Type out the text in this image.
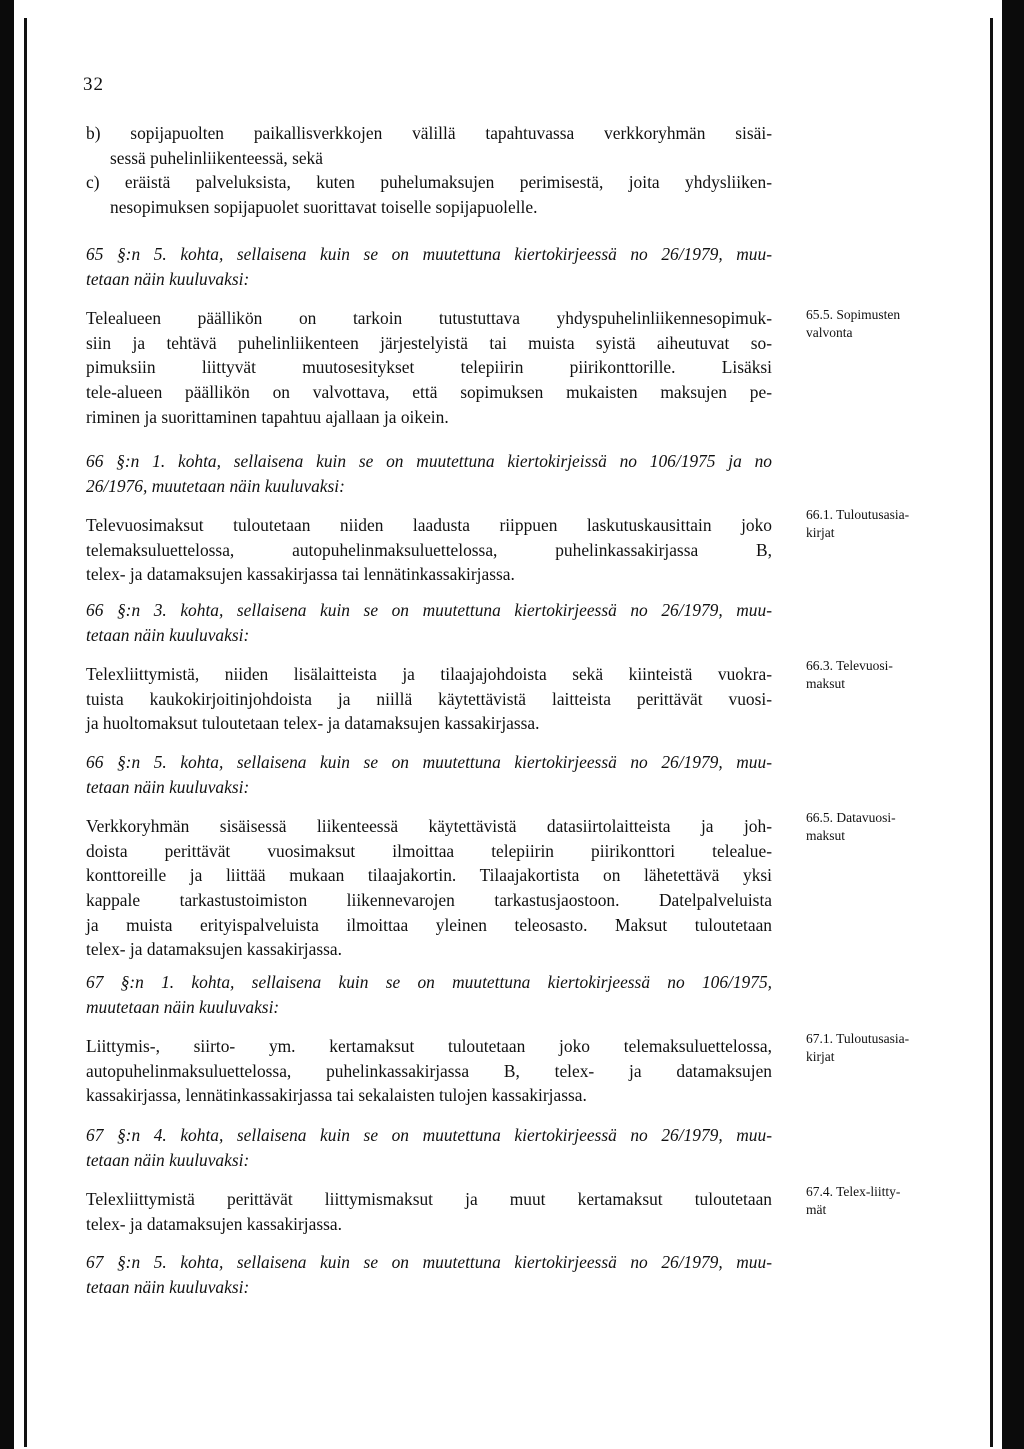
32

b) sopijapuolten paikallisverkkojen välillä tapahtuvassa verkkoryhmän sisäi-
sessä puhelinliikenteessä, sekä

c) eräistä palveluksista, kuten puhelumaksujen perimisestä, joita yhdysliiken-
nesopimuksen sopijapuolet suorittavat toiselle sopijapuolelle.

65 §:n 5. kohta, sellaisena kuin se on muutettuna kiertokirjeessä no 26/1979, muu-
tetaan näin kuuluvaksi:

Telealueen päällikön on tarkoin tutustuttava yhdyspuhelinliikennesopimuk-
siin ja tehtävä puhelinliikenteen järjestelyistä tai muista syistä aiheutuvat so-
pimuksiin liittyvät muutosesitykset telepiirin piirikonttorille. Lisäksi
tele-alueen päällikön on valvottava, että sopimuksen mukaisten maksujen pe-
riminen ja suorittaminen tapahtuu ajallaan ja oikein.

65.5. Sopimusten
valvonta

66 §:n 1. kohta, sellaisena kuin se on muutettuna kiertokirjeissä no 106/1975 ja no
26/1976, muutetaan näin kuuluvaksi:

Televuosimaksut tuloutetaan niiden laadusta riippuen laskutuskausittain joko
telemaksuluettelossa, autopuhelinmaksuluettelossa, puhelinkassakirjassa B,
telex- ja datamaksujen kassakirjassa tai lennätinkassakirjassa.

66.1. Tuloutusasia-
kirjat

66 §:n 3. kohta, sellaisena kuin se on muutettuna kiertokirjeessä no 26/1979, muu-
tetaan näin kuuluvaksi:

Telexliittymistä, niiden lisälaitteista ja tilaajajohdoista sekä kiinteistä vuokra-
tuista kaukokirjoitinjohdoista ja niillä käytettävistä laitteista perittävät vuosi-
ja huoltomaksut tuloutetaan telex- ja datamaksujen kassakirjassa.

66.3. Televuosi-
maksut

66 §:n 5. kohta, sellaisena kuin se on muutettuna kiertokirjeessä no 26/1979, muu-
tetaan näin kuuluvaksi:

Verkkoryhmän sisäisessä liikenteessä käytettävistä datasiirtolaitteista ja joh-
doista perittävät vuosimaksut ilmoittaa telepiirin piirikonttori telealue-
konttoreille ja liittää mukaan tilaajakortin. Tilaajakortista on lähetettävä yksi
kappale tarkastustoimiston liikennevarojen tarkastusjaostoon. Datelpalveluista
ja muista erityispalveluista ilmoittaa yleinen teleosasto. Maksut tuloutetaan
telex- ja datamaksujen kassakirjassa.

66.5. Datavuosi-
maksut

67 §:n 1. kohta, sellaisena kuin se on muutettuna kiertokirjeessä no 106/1975,
muutetaan näin kuuluvaksi:

Liittymis-, siirto- ym. kertamaksut tuloutetaan joko telemaksuluettelossa,
autopuhelinmaksuluettelossa, puhelinkassakirjassa B, telex- ja datamaksujen
kassakirjassa, lennätinkassakirjassa tai sekalaisten tulojen kassakirjassa.

67.1. Tuloutusasia-
kirjat

67 §:n 4. kohta, sellaisena kuin se on muutettuna kiertokirjeessä no 26/1979, muu-
tetaan näin kuuluvaksi:

Telexliittymistä perittävät liittymismaksut ja muut kertamaksut tuloutetaan
telex- ja datamaksujen kassakirjassa.

67.4. Telex-liitty-
mät

67 §:n 5. kohta, sellaisena kuin se on muutettuna kiertokirjeessä no 26/1979, muu-
tetaan näin kuuluvaksi:
